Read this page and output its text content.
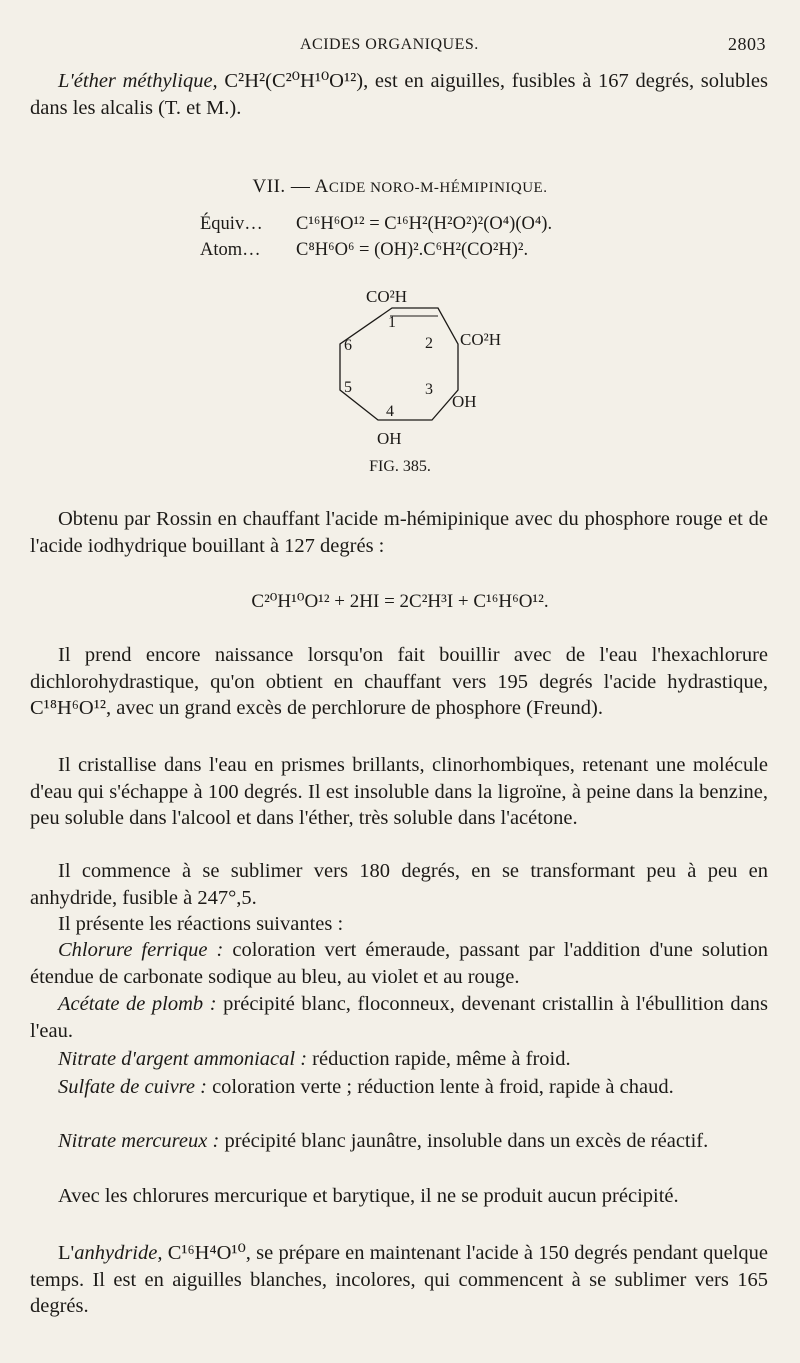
ACIDES ORGANIQUES.	2803

L'éther méthylique, C²H²(C²⁰H¹⁰O¹²), est en aiguilles, fusibles à 167 degrés, solubles dans les alcalis (T. et M.).

VII. — ACIDE NORO-M-HÉMIPINIQUE.
Équiv… C¹⁶H⁶O¹² = C¹⁶H²(H²O²)²(O⁴)(O⁴).
Atom… C⁸H⁶O⁶ = (OH)².C⁶H²(CO²H)².
CO²H
CO²H
OH
OH
1
2
3
4
5
6
FIG. 385.

Obtenu par Rossin en chauffant l'acide m-hémipinique avec du phosphore rouge et de l'acide iodhydrique bouillant à 127 degrés :

C²⁰H¹⁰O¹² + 2HI = 2C²H³I + C¹⁶H⁶O¹².

Il prend encore naissance lorsqu'on fait bouillir avec de l'eau l'hexachlorure dichlorohydrastique, qu'on obtient en chauffant vers 195 degrés l'acide hydrastique, C¹⁸H⁶O¹², avec un grand excès de perchlorure de phosphore (Freund).

Il cristallise dans l'eau en prismes brillants, clinorhombiques, retenant une molécule d'eau qui s'échappe à 100 degrés. Il est insoluble dans la ligroïne, à peine dans la benzine, peu soluble dans l'alcool et dans l'éther, très soluble dans l'acétone.

Il commence à se sublimer vers 180 degrés, en se transformant peu à peu en anhydride, fusible à 247°,5.

Il présente les réactions suivantes :

Chlorure ferrique : coloration vert émeraude, passant par l'addition d'une solution étendue de carbonate sodique au bleu, au violet et au rouge.

Acétate de plomb : précipité blanc, floconneux, devenant cristallin à l'ébullition dans l'eau.

Nitrate d'argent ammoniacal : réduction rapide, même à froid.

Sulfate de cuivre : coloration verte ; réduction lente à froid, rapide à chaud.

Nitrate mercureux : précipité blanc jaunâtre, insoluble dans un excès de réactif.

Avec les chlorures mercurique et barytique, il ne se produit aucun précipité.

L'anhydride, C¹⁶H⁴O¹⁰, se prépare en maintenant l'acide à 150 degrés pendant quelque temps. Il est en aiguilles blanches, incolores, qui commencent à se sublimer vers 165 degrés.
